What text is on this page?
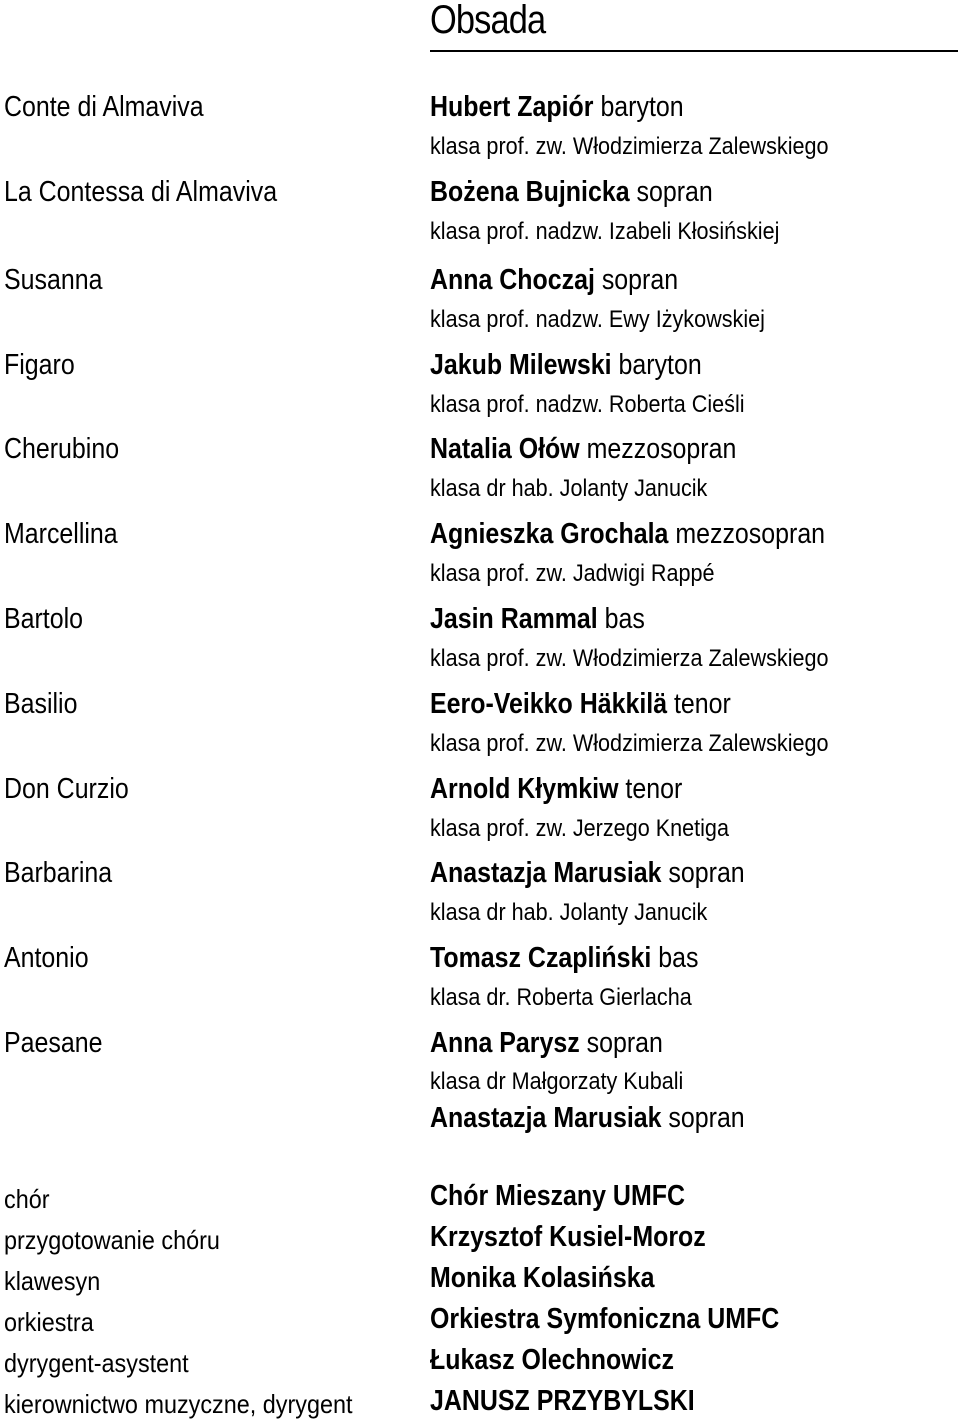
Obsada
Conte di Almaviva	Hubert Zapiór baryton
klasa prof. zw. Włodzimierza Zalewskiego
La Contessa di Almaviva	Bożena Bujnicka sopran
klasa prof. nadzw. Izabeli Kłosińskiej
Susanna	Anna Choczaj sopran
klasa prof. nadzw. Ewy Iżykowskiej
Figaro	Jakub Milewski baryton
klasa prof. nadzw. Roberta Cieśli
Cherubino	Natalia Ołów mezzosopran
klasa dr hab. Jolanty Janucik
Marcellina	Agnieszka Grochala mezzosopran
klasa prof. zw. Jadwigi Rappé
Bartolo	Jasin Rammal bas
klasa prof. zw. Włodzimierza Zalewskiego
Basilio	Eero-Veikko Häkkilä tenor
klasa prof. zw. Włodzimierza Zalewskiego
Don Curzio	Arnold Kłymkiw tenor
klasa prof. zw. Jerzego Knetiga
Barbarina	Anastazja Marusiak sopran
klasa dr hab. Jolanty Janucik
Antonio	Tomasz Czapliński bas
klasa dr. Roberta Gierlacha
Paesane	Anna Parysz sopran
klasa dr Małgorzaty Kubali
Anastazja Marusiak sopran
chór	Chór Mieszany UMFC
przygotowanie chóru	Krzysztof Kusiel-Moroz
klawesyn	Monika Kolasińska
orkiestra	Orkiestra Symfoniczna UMFC
dyrygent-asystent	Łukasz Olechnowicz
kierownictwo muzyczne, dyrygent	JANUSZ PRZYBYLSKI
